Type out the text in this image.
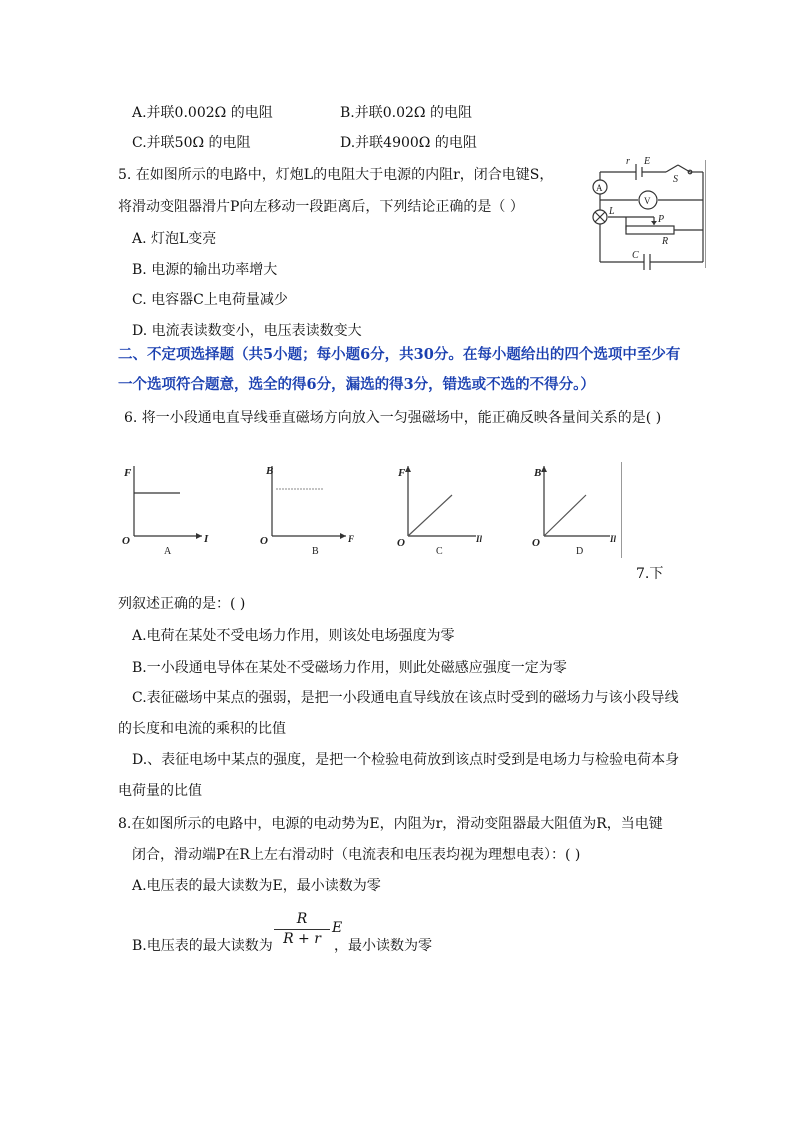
A.并联0.002Ω 的电阻	B.并联0.02Ω 的电阻
C.并联50Ω 的电阻	D.并联4900Ω 的电阻
5. 在如图所示的电路中，灯炮L的电阻大于电源的内阻r，闭合电键S，
将滑动变阻器滑片P向左移动一段距离后，下列结论正确的是（ ）
A. 灯泡L变亮
B. 电源的输出功率增大
C. 电容器C上电荷量减少
D. 电流表读数变小，电压表读数变大
r E
S
A
V
L
P
R
C
二、不定项选择题（共5小题；每小题6分，共30分。在每小题给出的四个选项中至少有
一个选项符合题意，选全的得6分，漏选的得3分，错选或不选的不得分。）
6. 将一小段通电直导线垂直磁场方向放入一匀强磁场中，能正确反映各量间关系的是( )
F
I
O
A
B
F
O
B
F
Il
O
C
B
Il
O
D
7.下
列叙述正确的是：( )
A.电荷在某处不受电场力作用，则该处电场强度为零
B.一小段通电导体在某处不受磁场力作用，则此处磁感应强度一定为零
C.表征磁场中某点的强弱，是把一小段通电直导线放在该点时受到的磁场力与该小段导线
的长度和电流的乘积的比值
D.、表征电场中某点的强度，是把一个检验电荷放到该点时受到是电场力与检验电荷本身
电荷量的比值
8.在如图所示的电路中，电源的电动势为E，内阻为r，滑动变阻器最大阻值为R，当电键
闭合，滑动端P在R上左右滑动时（电流表和电压表均视为理想电表）：( )
A.电压表的最大读数为E，最小读数为零
B.电压表的最大读数为 $\frac{R}{R + r}$ E
，最小读数为零
